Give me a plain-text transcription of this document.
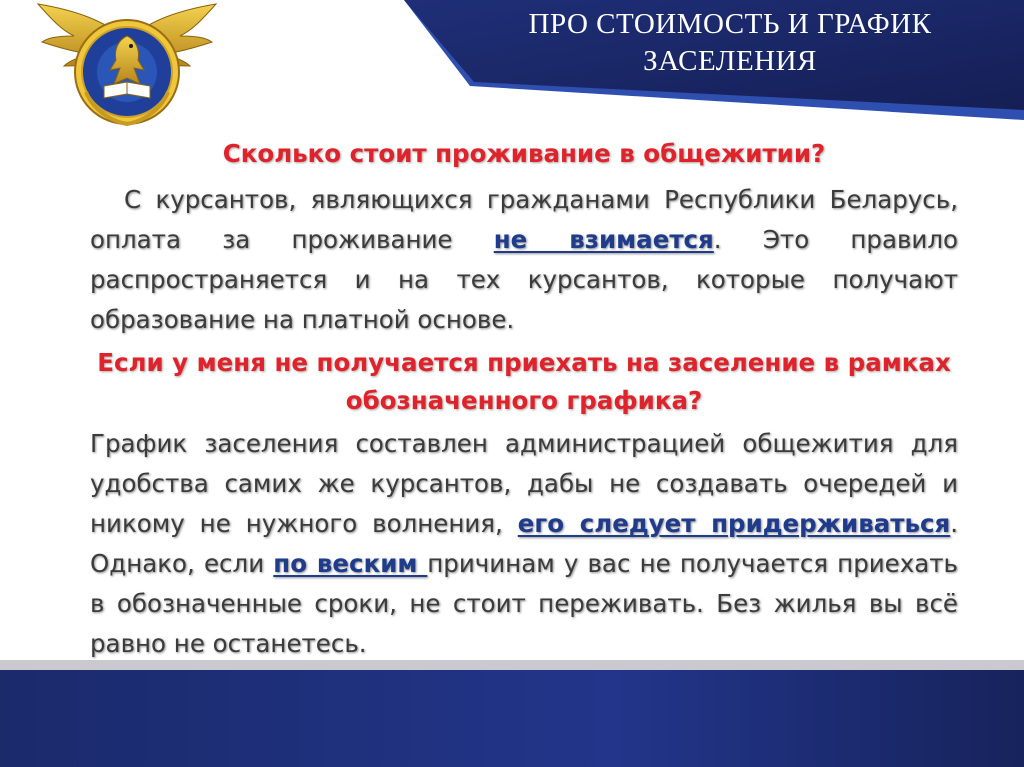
ПРО СТОИМОСТЬ И ГРАФИК
ЗАСЕЛЕНИЯ

Сколько стоит проживание в общежитии?

С курсантов, являющихся гражданами Республики Беларусь, оплата за проживание не взимается. Это правило распространяется и на тех курсантов, которые получают образование на платной основе.

Если у меня не получается приехать на заселение в рамках
обозначенного графика?

График заселения составлен администрацией общежития для удобства самих же курсантов, дабы не создавать очередей и никому не нужного волнения, его следует придерживаться. Однако, если по веским причинам у вас не получается приехать в обозначенные сроки, не стоит переживать. Без жилья вы всё равно не останетесь.
